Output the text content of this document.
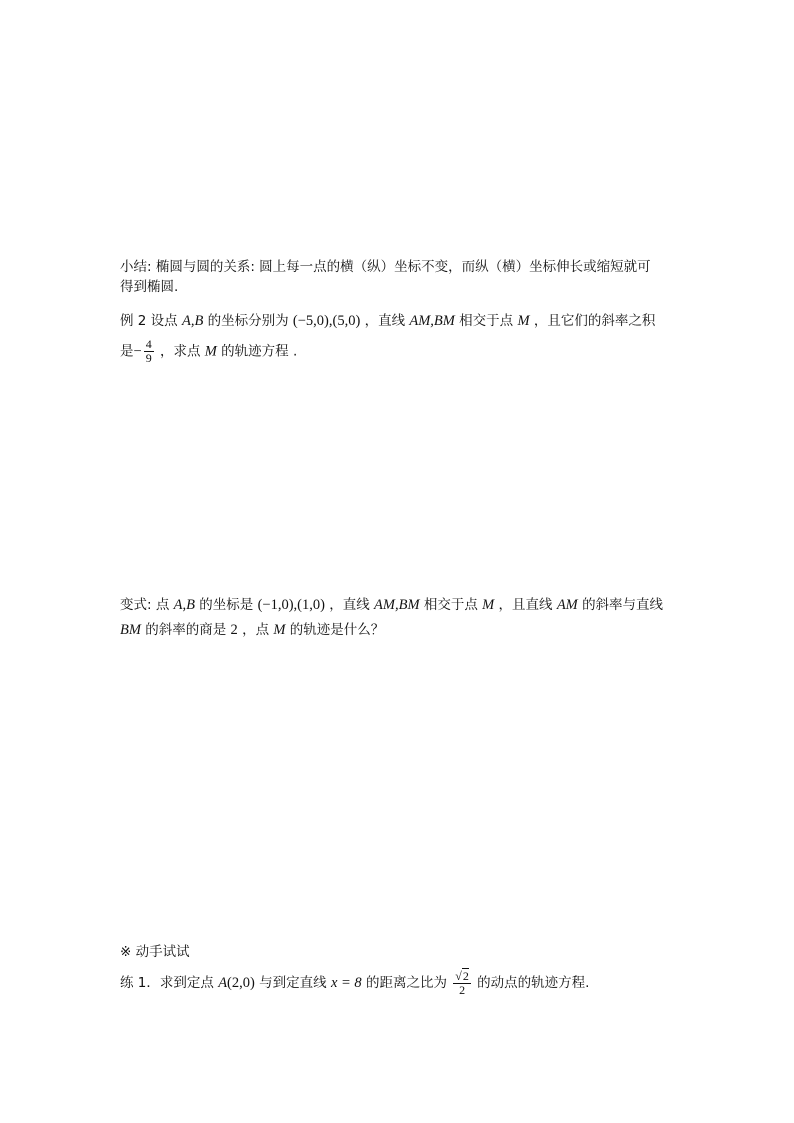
小结: 椭圆与圆的关系: 圆上每一点的横（纵）坐标不变，而纵（横）坐标伸长或缩短就可
得到椭圆.
例 2 设点 A,B 的坐标分别为 (−5,0),(5,0) ，直线 AM,BM 相交于点 M ，且它们的斜率之积
是− $\frac{4}{9}$ ，求点 M 的轨迹方程 .
变式: 点 A,B 的坐标是 (−1,0),(1,0) ，直线 AM,BM 相交于点 M ，且直线 AM 的斜率与直线
BM 的斜率的商是 2 ，点 M 的轨迹是什么？
※ 动手试试
练 1．求到定点 A(2,0) 与到定直线 x = 8 的距离之比为 $\frac{√2}{2}$ 的动点的轨迹方程.
